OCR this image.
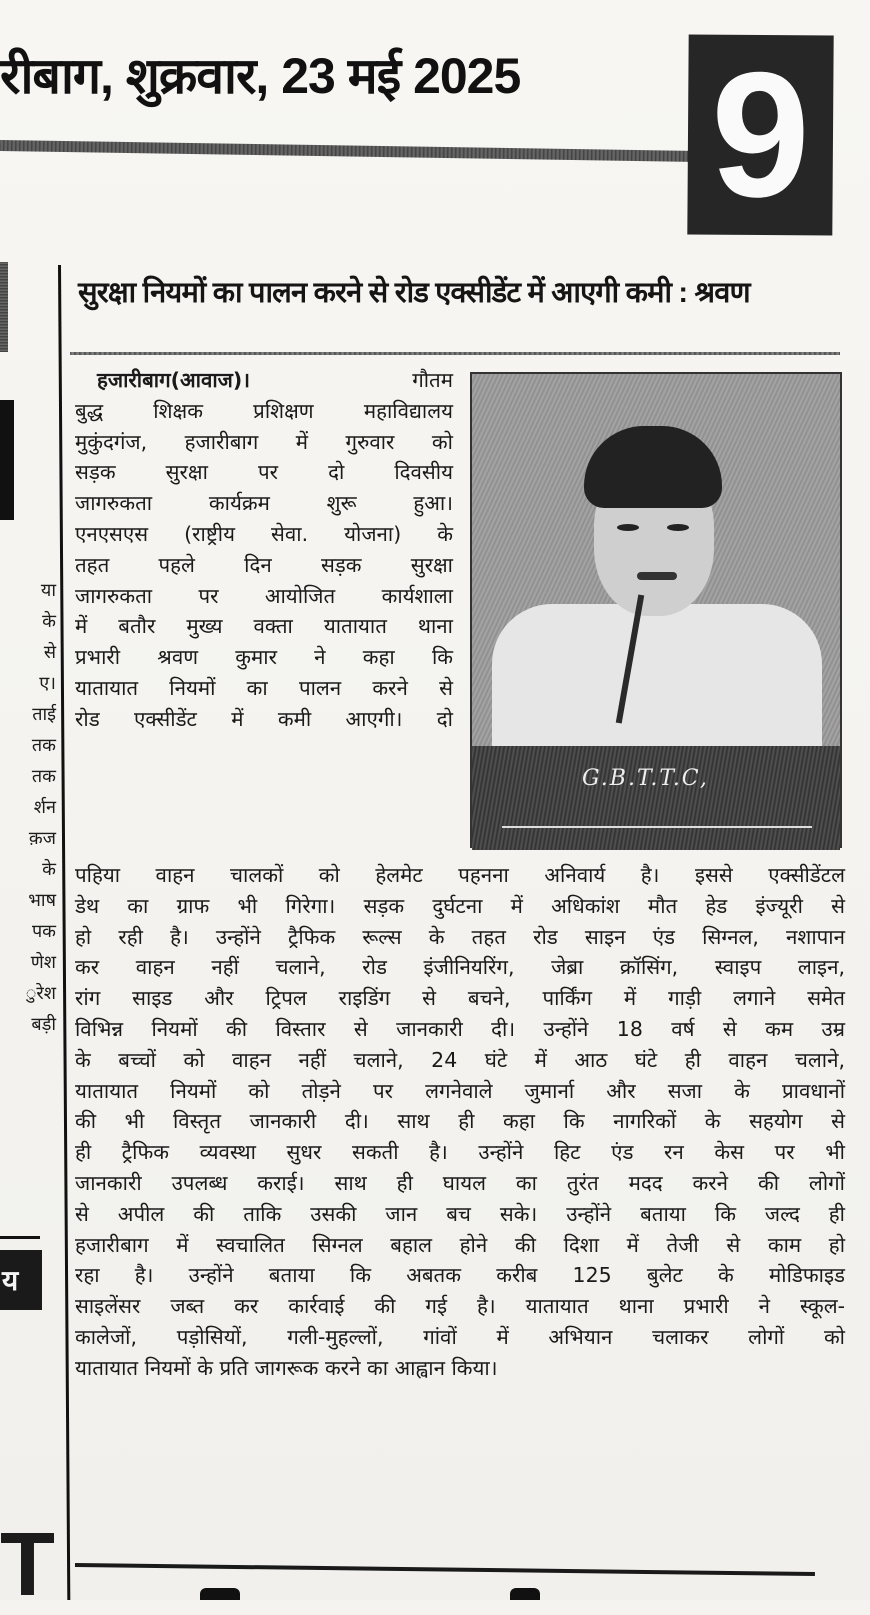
रीबाग, शुक्रवार, 23 मई 2025 9
या
के
से
ए।
ताई
तक
तक
र्शन
क़ज
के
भाष
पक
णेश
ुरेश
बड़ी
य
T
सुरक्षा नियमों का पालन करने से रोड एक्सीडेंट में आएगी कमी : श्रवण
हजारीबाग(आवाज)।	गौतम
बुद्ध शिक्षक प्रशिक्षण महाविद्यालय
मुकुंदगंज, हजारीबाग में गुरुवार को
सड़क सुरक्षा पर दो दिवसीय
जागरुकता कार्यक्रम शुरू हुआ।
एनएसएस (राष्ट्रीय सेवा. योजना) के
तहत पहले दिन सड़क सुरक्षा
जागरुकता पर आयोजित कार्यशाला
में बतौर मुख्य वक्ता यातायात थाना
प्रभारी श्रवण कुमार ने कहा कि
यातायात नियमों का पालन करने से
रोड एक्सीडेंट में कमी आएगी। दो
G.B.T.T.C,
पहिया वाहन चालकों को हेलमेट पहनना अनिवार्य है। इससे एक्सीडेंटल
डेथ का ग्राफ भी गिरेगा। सड़क दुर्घटना में अधिकांश मौत हेड इंज्यूरी से
हो रही है। उन्होंने ट्रैफिक रूल्स के तहत रोड साइन एंड सिग्नल, नशापान
कर वाहन नहीं चलाने, रोड इंजीनियरिंग, जेब्रा क्रॉसिंग, स्वाइप लाइन,
रांग साइड और ट्रिपल राइडिंग से बचने, पार्किंग में गाड़ी लगाने समेत
विभिन्न नियमों की विस्तार से जानकारी दी। उन्होंने 18 वर्ष से कम उम्र
के बच्चों को वाहन नहीं चलाने, 24 घंटे में आठ घंटे ही वाहन चलाने,
यातायात नियमों को तोड़ने पर लगनेवाले जुमार्ना और सजा के प्रावधानों
की भी विस्तृत जानकारी दी। साथ ही कहा कि नागरिकों के सहयोग से
ही ट्रैफिक व्यवस्था सुधर सकती है। उन्होंने हिट एंड रन केस पर भी
जानकारी उपलब्ध कराई। साथ ही घायल का तुरंत मदद करने की लोगों
से अपील की ताकि उसकी जान बच सके। उन्होंने बताया कि जल्द ही
हजारीबाग में स्वचालित सिग्नल बहाल होने की दिशा में तेजी से काम हो
रहा है। उन्होंने बताया कि अबतक करीब 125 बुलेट के मोडिफाइड
साइलेंसर जब्त कर कार्रवाई की गई है। यातायात थाना प्रभारी ने स्कूल-
कालेजों, पड़ोसियों, गली-मुहल्लों, गांवों में अभियान चलाकर लोगों को
यातायात नियमों के प्रति जागरूक करने का आह्वान किया।
